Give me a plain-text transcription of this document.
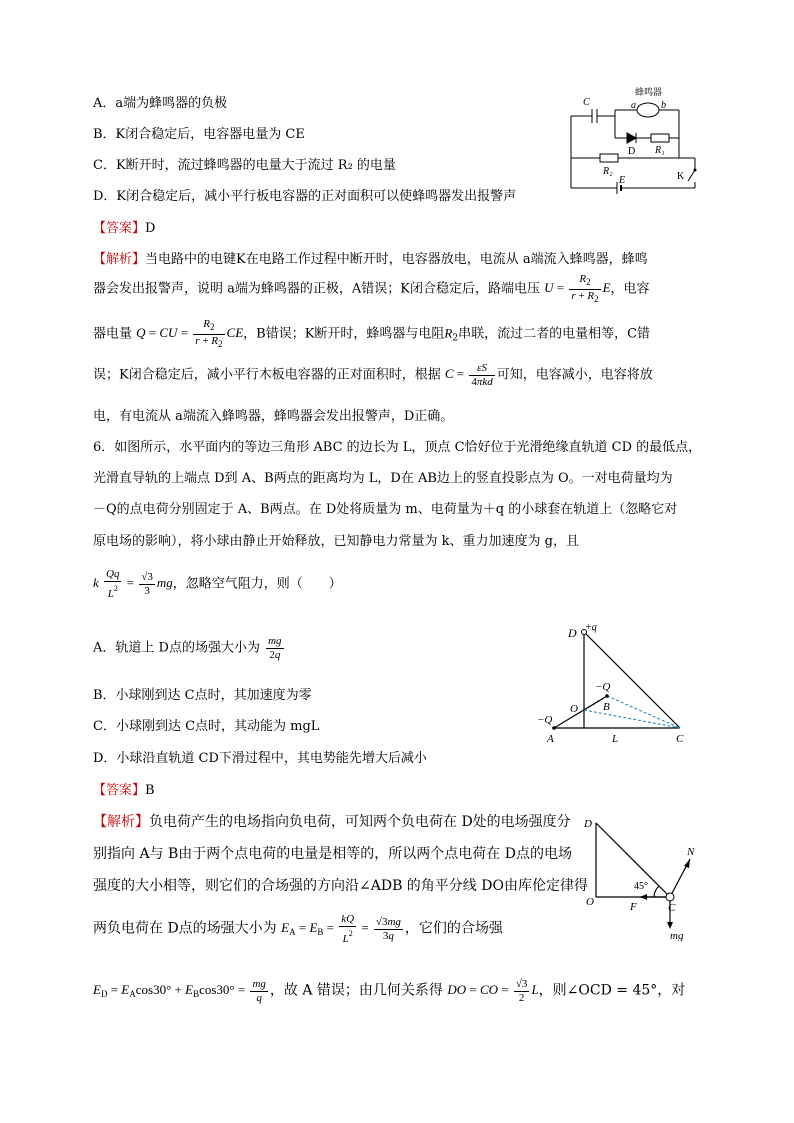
A．a端为蜂鸣器的负极
B．K闭合稳定后，电容器电量为 CE
C．K断开时，流过蜂鸣器的电量大于流过 R₂ 的电量
D．K闭合稳定后，减小平行板电容器的正对面积可以使蜂鸣器发出报警声
蜂鸣器
a	b
C
D R₁
R₂	K
E
【答案】D
【解析】当电路中的电键K在电路工作过程中断开时，电容器放电，电流从 a端流入蜂鸣器，蜂鸣
器会发出报警声，说明 a端为蜂鸣器的正极，A错误；K闭合稳定后，路端电压 $U = \frac{R_2}{r + R_2}$ E，电容
器电量 Q = CU = $\frac{R_2}{r + R_2}$ CE，B错误；K断开时，蜂鸣器与电阻$R_2$串联，流过二者的电量相等，C错
误；K闭合稳定后，减小平行木板电容器的正对面积时，根据 $C = \frac{\varepsilon S}{\text{4πkd}}$ 可知，电容减小，电容将放
电，有电流从 a端流入蜂鸣器，蜂鸣器会发出报警声，D正确。
6．如图所示，水平面内的等边三角形 ABC 的边长为 L，顶点 C恰好位于光滑绝缘直轨道 CD 的最低点，
光滑直导轨的上端点 D到 A、B两点的距离均为 L，D在 AB边上的竖直投影点为 O。一对电荷量均为
－Q的点电荷分别固定于 A、B两点。在 D处将质量为 m、电荷量为＋q 的小球套在轨道上（忽略它对
原电场的影响），将小球由静止开始释放，已知静电力常量为 k、重力加速度为 g，且
k $\frac{Qq}{L^2} = \frac{√3}{3}$ mg，忽略空气阻力，则（　　）
A．轨道上 D点的场强大小为 $\frac{mg}{2q}$
B．小球刚到达 C点时，其加速度为零
C．小球刚到达 C点时，其动能为 mgL
D．小球沿直轨道 CD下滑过程中，其电势能先增大后减小
D +q
−Q
B
O
−Q
A	L	C
【答案】B
【解析】负电荷产生的电场指向负电荷，可知两个负电荷在 D处的电场强度分
别指向 A与 B由于两个点电荷的电量是相等的，所以两个点电荷在 D点的电场
强度的大小相等，则它们的合场强的方向沿∠ADB 的角平分线 DO由库伦定律得
两负电荷在 D点的场强大小为 $E_A = E_B = \frac{kQ}{L^2} = \frac{√3mg}{3q}$ ，它们的合场强
$E_D = E_A\cos 30^\circ + E_B\cos 30^\circ = \frac{mg}{q}$ ，故 A 错误；由几何关系得 DO = CO = $\frac{√3}{2}$ L，则∠OCD = 45°，对
D
N
45°
O	F	C
mg
